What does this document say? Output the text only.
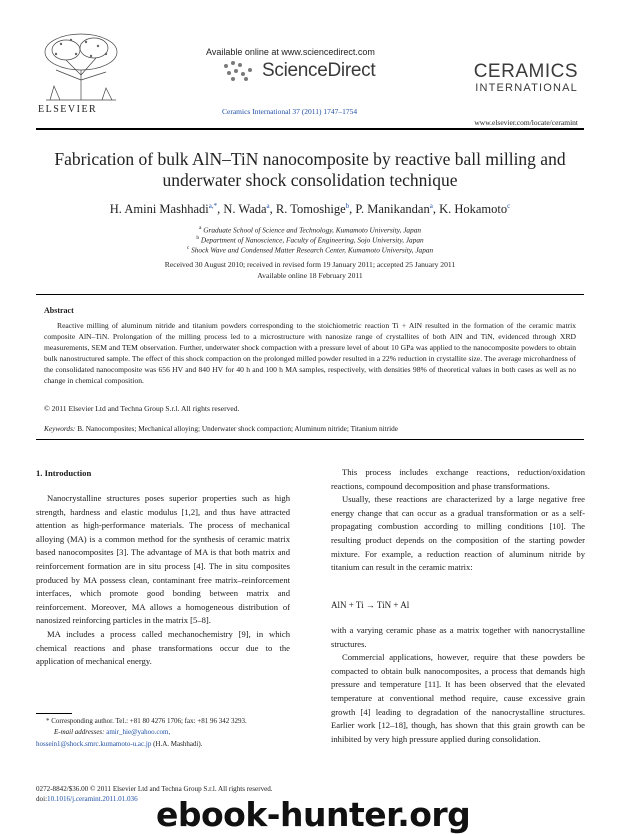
ELSEVIER
Available online at www.sciencedirect.com
ScienceDirect
Ceramics International 37 (2011) 1747–1754
CERAMICS
INTERNATIONAL
www.elsevier.com/locate/ceramint
Fabrication of bulk AlN–TiN nanocomposite by reactive ball milling and
underwater shock consolidation technique
H. Amini Mashhadi$^{a,*}$, N. Wada$^a$, R. Tomoshige$^b$, P. Manikandan$^a$, K. Hokamoto$^c$
$^a$ Graduate School of Science and Technology, Kumamoto University, Japan
$^b$ Department of Nanoscience, Faculty of Engineering, Sojo University, Japan
$^c$ Shock Wave and Condensed Matter Research Center, Kumamoto University, Japan
Received 30 August 2010; received in revised form 19 January 2011; accepted 25 January 2011
Available online 18 February 2011
Abstract
Reactive milling of aluminum nitride and titanium powders corresponding to the stoichiometric reaction Ti + AlN resulted in the formation of the ceramic matrix composite AlN–TiN. Prolongation of the milling process led to a microstructure with nanosize range of crystallites of both AlN and TiN, evidenced through XRD measurements, SEM and TEM observation. Further, underwater shock compaction with a pressure level of about 10 GPa was applied to the nanocomposite powders to obtain bulk nanostructured sample. The effect of this shock compaction on the prolonged milled powder resulted in a 22% reduction in crystallite size. The average microhardness of the consolidated nanocomposite was 656 HV and 840 HV for 40 h and 100 h MA samples, respectively, with densities 98% of theoretical values in both cases as well as no change in chemical composition.
© 2011 Elsevier Ltd and Techna Group S.r.l. All rights reserved.
Keywords: B. Nanocomposites; Mechanical alloying; Underwater shock compaction; Aluminum nitride; Titanium nitride
1. Introduction

Nanocrystalline structures poses superior properties such as high strength, hardness and elastic modulus [1,2], and thus have attracted attention as high-performance materials. The process of mechanical alloying (MA) is a common method for the synthesis of ceramic matrix based nanocomposites [3]. The advantage of MA is that both matrix and reinforcement formation are in situ process [4]. The in situ composites produced by MA possess clean, contaminant free matrix–reinforcement interfaces, which promote good bonding between matrix and reinforcement. Moreover, MA allows a homogeneous distribution of nanosized reinforcing particles in the matrix [5–8].

MA includes a process called mechanochemistry [9], in which chemical reactions and phase transformations occur due to the application of mechanical energy.

This process includes exchange reactions, reduction/oxidation reactions, compound decomposition and phase transformations.

Usually, these reactions are characterized by a large negative free energy change that can occur as a gradual transformation or as a self-propagating combustion according to milling conditions [10]. The resulting product depends on the composition of the starting powder mixture. For example, a reduction reaction of aluminum nitride by titanium can result in the ceramic matrix:

AlN + Ti → TiN + Al

with a varying ceramic phase as a matrix together with nanocrystalline structures.

Commercial applications, however, require that these powders be compacted to obtain bulk nanocomposites, a process that demands high pressure and temperature [11]. It has been observed that the elevated temperature at conventional method require, cause excessive grain growth [4] leading to degradation of the nanocrystalline structures. Earlier work [12–18], though, has shown that this grain growth can be inhibited by very high pressure applied during consolidation.

* Corresponding author. Tel.: +81 80 4276 1706; fax: +81 96 342 3293.
E-mail addresses: amir_hie@yahoo.com,
hossein1@shock.smrc.kumamoto-u.ac.jp (H.A. Mashhadi).
0272-8842/$36.00 © 2011 Elsevier Ltd and Techna Group S.r.l. All rights reserved.
doi:10.1016/j.ceramint.2011.01.036 ebook-hunter.org
